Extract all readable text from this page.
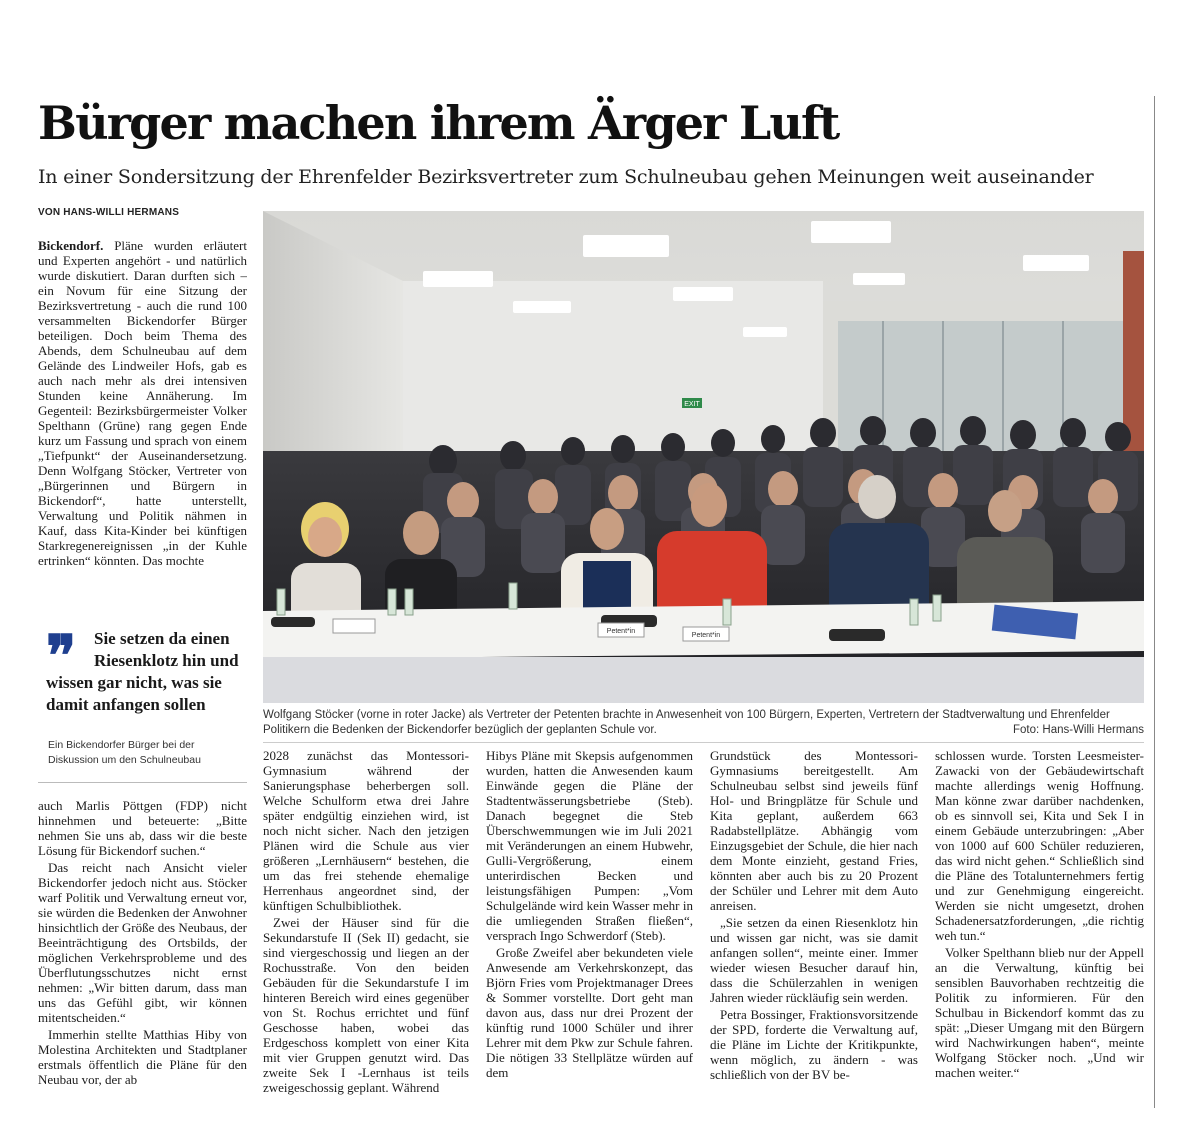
Bürger machen ihrem Ärger Luft

In einer Sondersitzung der Ehrenfelder Bezirksvertreter zum Schulneubau gehen Meinungen weit auseinander

VON HANS-WILLI HERMANS

Bickendorf. Pläne wurden erläutert und Experten angehört - und natürlich wurde diskutiert. Daran durften sich – ein Novum für eine Sitzung der Bezirksvertretung - auch die rund 100 versammelten Bickendorfer Bürger beteiligen. Doch beim Thema des Abends, dem Schulneubau auf dem Gelände des Lindweiler Hofs, gab es auch nach mehr als drei intensiven Stunden keine Annäherung. Im Gegenteil: Bezirksbürgermeister Volker Spelthann (Grüne) rang gegen Ende kurz um Fassung und sprach von einem „Tiefpunkt“ der Auseinandersetzung. Denn Wolfgang Stöcker, Vertreter von „Bürgerinnen und Bürgern in Bickendorf“, hatte unterstellt, Verwaltung und Politik nähmen in Kauf, dass Kita-Kinder bei künftigen Starkregenereignissen „in der Kuhle ertrinken“ könnten. Das mochte

❞	Sie setzen da einen Riesenklotz hin und
wissen gar nicht, was sie damit anfangen sollen
Ein Bickendorfer Bürger bei der Diskussion um den Schulneubau

auch Marlis Pöttgen (FDP) nicht hinnehmen und beteuerte: „Bitte nehmen Sie uns ab, dass wir die beste Lösung für Bickendorf suchen.“

Das reicht nach Ansicht vieler Bickendorfer jedoch nicht aus. Stöcker warf Politik und Verwaltung erneut vor, sie würden die Bedenken der Anwohner hinsichtlich der Größe des Neubaus, der Beeinträchtigung des Ortsbilds, der möglichen Verkehrsprobleme und des Überflutungsschutzes nicht ernst nehmen: „Wir bitten darum, dass man uns das Gefühl gibt, wir können mitentscheiden.“

Immerhin stellte Matthias Hiby von Molestina Architekten und Stadtplaner erstmals öffentlich die Pläne für den Neubau vor, der ab

EXIT
Petent*in
Petent*in

Wolfgang Stöcker (vorne in roter Jacke) als Vertreter der Petenten brachte in Anwesenheit von 100 Bürgern, Experten, Vertretern der Stadtverwaltung und Ehrenfelder Politikern die Bedenken der Bickendorfer bezüglich der geplanten Schule vor.	Foto: Hans-Willi Hermans

2028 zunächst das Montessori-Gymnasium während der Sanierungsphase beherbergen soll. Welche Schulform etwa drei Jahre später endgültig einziehen wird, ist noch nicht sicher. Nach den jetzigen Plänen wird die Schule aus vier größeren „Lernhäusern“ bestehen, die um das frei stehende ehemalige Herrenhaus angeordnet sind, der künftigen Schulbibliothek.

Zwei der Häuser sind für die Sekundarstufe II (Sek II) gedacht, sie sind viergeschossig und liegen an der Rochusstraße. Von den beiden Gebäuden für die Sekundarstufe I im hinteren Bereich wird eines gegenüber von St. Rochus errichtet und fünf Geschosse haben, wobei das Erdgeschoss komplett von einer Kita mit vier Gruppen genutzt wird. Das zweite Sek I -Lernhaus ist teils zweigeschossig geplant. Während

Hibys Pläne mit Skepsis aufgenommen wurden, hatten die Anwesenden kaum Einwände gegen die Pläne der Stadtentwässerungsbetriebe (Steb). Danach begegnet die Steb Überschwemmungen wie im Juli 2021 mit Veränderungen an einem Hubwehr, Gulli-Vergrößerung, einem unterirdischen Becken und leistungsfähigen Pumpen: „Vom Schulgelände wird kein Wasser mehr in die umliegenden Straßen fließen“, versprach Ingo Schwerdorf (Steb).

Große Zweifel aber bekundeten viele Anwesende am Verkehrskonzept, das Björn Fries vom Projektmanager Drees & Sommer vorstellte. Dort geht man davon aus, dass nur drei Prozent der künftig rund 1000 Schüler und ihrer Lehrer mit dem Pkw zur Schule fahren. Die nötigen 33 Stellplätze würden auf dem

Grundstück des Montessori-Gymnasiums bereitgestellt. Am Schulneubau selbst sind jeweils fünf Hol- und Bringplätze für Schule und Kita geplant, außerdem 663 Radabstellplätze. Abhängig vom Einzugsgebiet der Schule, die hier nach dem Monte einzieht, gestand Fries, könnten aber auch bis zu 20 Prozent der Schüler und Lehrer mit dem Auto anreisen.

„Sie setzen da einen Riesenklotz hin und wissen gar nicht, was sie damit anfangen sollen“, meinte einer. Immer wieder wiesen Besucher darauf hin, dass die Schülerzahlen in wenigen Jahren wieder rückläufig sein werden.

Petra Bossinger, Fraktionsvorsitzende der SPD, forderte die Verwaltung auf, die Pläne im Lichte der Kritikpunkte, wenn möglich, zu ändern - was schließlich von der BV be-

schlossen wurde. Torsten Leesmeister-Zawacki von der Gebäudewirtschaft machte allerdings wenig Hoffnung. Man könne zwar darüber nachdenken, ob es sinnvoll sei, Kita und Sek I in einem Gebäude unterzubringen: „Aber von 1000 auf 600 Schüler reduzieren, das wird nicht gehen.“ Schließlich sind die Pläne des Totalunternehmers fertig und zur Genehmigung eingereicht. Werden sie nicht umgesetzt, drohen Schadenersatzforderungen, „die richtig weh tun.“

Volker Spelthann blieb nur der Appell an die Verwaltung, künftig bei sensiblen Bauvorhaben rechtzeitig die Politik zu informieren. Für den Schulbau in Bickendorf kommt das zu spät: „Dieser Umgang mit den Bürgern wird Nachwirkungen haben“, meinte Wolfgang Stöcker noch. „Und wir machen weiter.“
